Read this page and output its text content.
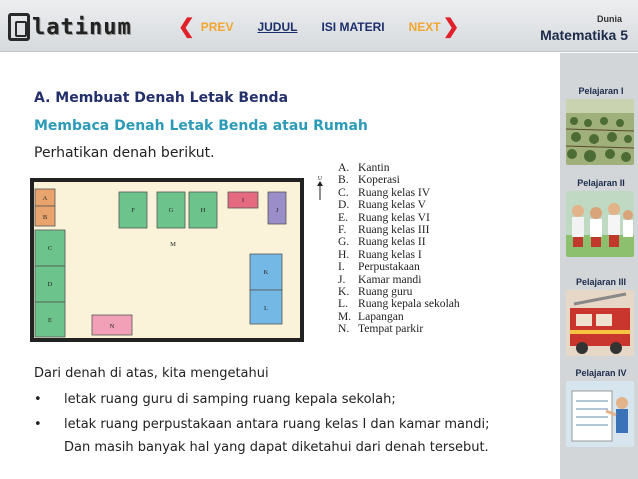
latinum ❮ PREV JUDUL ISI MATERI NEXT ❯	Dunia
Matematika 5
Pelajaran I
Pelajaran II
Pelajaran III
Pelajaran IV
A. Membuat Denah Letak Benda
Membaca Denah Letak Benda atau Rumah
Perhatikan denah berikut.
A
B
C
D
E
F	G	H
I
J
K
L
M
N
U
A. Kantin
B. Koperasi
C. Ruang kelas IV
D. Ruang kelas V
E. Ruang kelas VI
F. Ruang kelas III
G. Ruang kelas II
H. Ruang kelas I
I.	Perpustakaan
J.	Kamar mandi
K. Ruang guru
L. Ruang kepala sekolah
M. Lapangan
N. Tempat parkir
Dari denah di atas, kita mengetahui
•	letak ruang guru di samping ruang kepala sekolah;
•	letak ruang perpustakaan antara ruang kelas I dan kamar mandi;
Dan masih banyak hal yang dapat diketahui dari denah tersebut.
